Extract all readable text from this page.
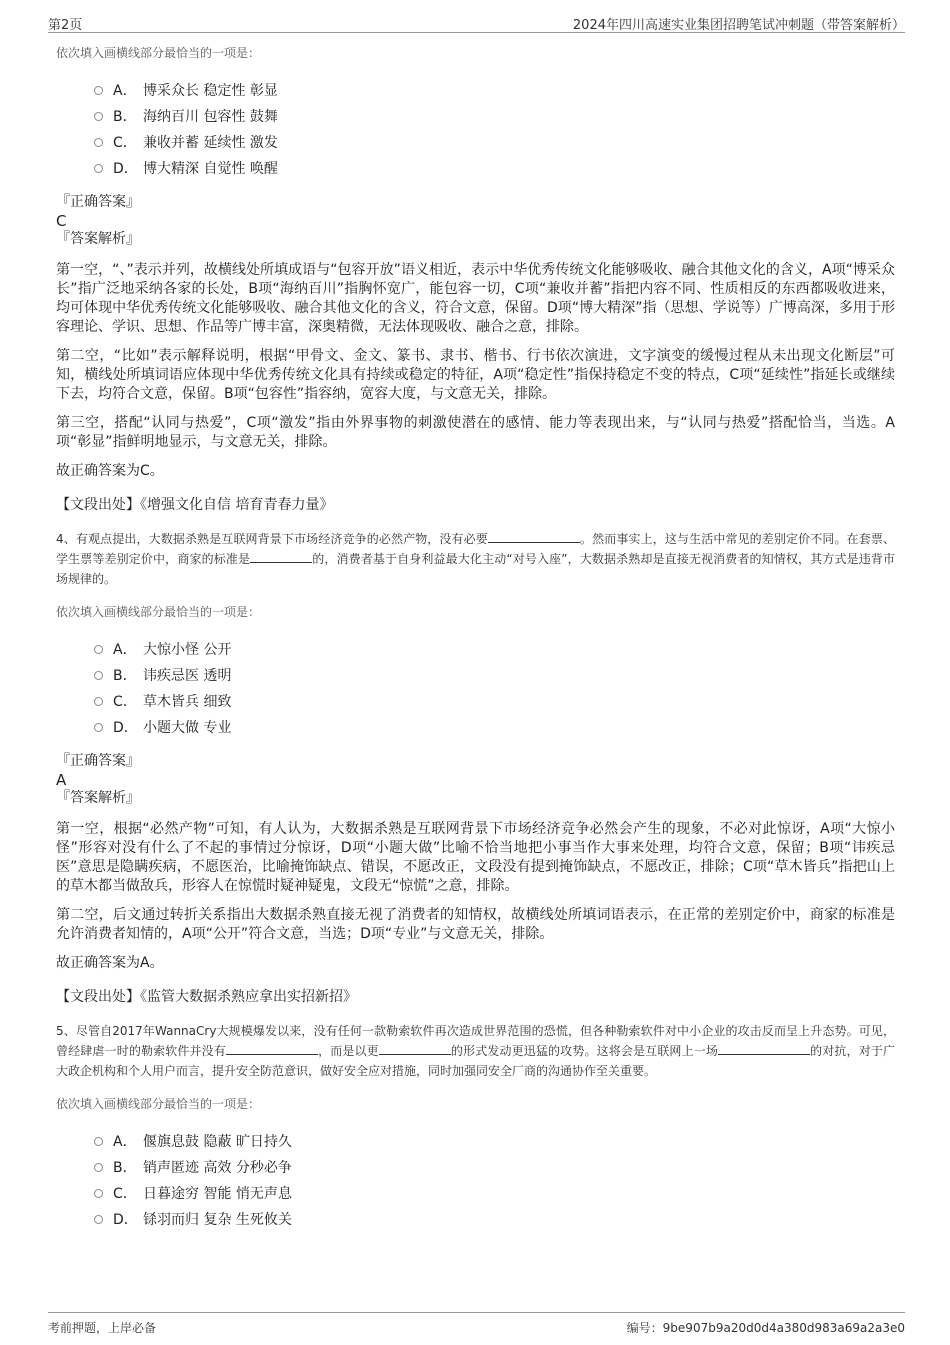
第2页	2024年四川高速实业集团招聘笔试冲刺题（带答案解析）

依次填入画横线部分最恰当的一项是：

A． 博采众长 稳定性 彰显
B． 海纳百川 包容性 鼓舞
C． 兼收并蓄 延续性 激发
D． 博大精深 自觉性 唤醒

『正确答案』

C

『答案解析』

第一空，“、”表示并列，故横线处所填成语与“包容开放”语义相近，表示中华优秀传统文化能够吸收、融合其他文化的含义，A项“博采众长”指广泛地采纳各家的长处，B项“海纳百川”指胸怀宽广，能包容一切，C项“兼收并蓄”指把内容不同、性质相反的东西都吸收进来，均可体现中华优秀传统文化能够吸收、融合其他文化的含义，符合文意，保留。D项“博大精深”指（思想、学说等）广博高深，多用于形容理论、学识、思想、作品等广博丰富，深奥精微，无法体现吸收、融合之意，排除。

第二空，“比如”表示解释说明，根据“甲骨文、金文、篆书、隶书、楷书、行书依次演进，文字演变的缓慢过程从未出现文化断层”可知，横线处所填词语应体现中华优秀传统文化具有持续或稳定的特征，A项“稳定性”指保持稳定不变的特点，C项“延续性”指延长或继续下去，均符合文意，保留。B项“包容性”指容纳，宽容大度，与文意无关，排除。

第三空，搭配“认同与热爱”，C项“激发”指由外界事物的刺激使潜在的感情、能力等表现出来，与“认同与热爱”搭配恰当，当选。A项“彰显”指鲜明地显示，与文意无关，排除。

故正确答案为C。

【文段出处】《增强文化自信 培育青春力量》

4、有观点提出，大数据杀熟是互联网背景下市场经济竞争的必然产物，没有必要	。然而事实上，这与生活中常见的差别定价不同。在套票、学生票等差别定价中，商家的标准是	的，消费者基于自身利益最大化主动“对号入座”，大数据杀熟却是直接无视消费者的知情权，其方式是违背市场规律的。

依次填入画横线部分最恰当的一项是：

A． 大惊小怪 公开
B． 讳疾忌医 透明
C． 草木皆兵 细致
D． 小题大做 专业

『正确答案』

A

『答案解析』

第一空，根据“必然产物”可知，有人认为，大数据杀熟是互联网背景下市场经济竞争必然会产生的现象，不必对此惊讶，A项“大惊小怪”形容对没有什么了不起的事情过分惊讶，D项“小题大做”比喻不恰当地把小事当作大事来处理，均符合文意，保留；B项“讳疾忌医”意思是隐瞒疾病，不愿医治，比喻掩饰缺点、错误，不愿改正，文段没有提到掩饰缺点，不愿改正，排除；C项“草木皆兵”指把山上的草木都当做敌兵，形容人在惊慌时疑神疑鬼，文段无“惊慌”之意，排除。

第二空，后文通过转折关系指出大数据杀熟直接无视了消费者的知情权，故横线处所填词语表示，在正常的差别定价中，商家的标准是允许消费者知情的，A项“公开”符合文意，当选；D项“专业”与文意无关，排除。

故正确答案为A。

【文段出处】《监管大数据杀熟应拿出实招新招》

5、尽管自2017年WannaCry大规模爆发以来，没有任何一款勒索软件再次造成世界范围的恐慌，但各种勒索软件对中小企业的攻击反而呈上升态势。可见，曾经肆虐一时的勒索软件并没有	，而是以更	的形式发动更迅猛的攻势。这将会是互联网上一场	的对抗，对于广大政企机构和个人用户而言，提升安全防范意识，做好安全应对措施，同时加强同安全厂商的沟通协作至关重要。

依次填入画横线部分最恰当的一项是：

A． 偃旗息鼓 隐蔽 旷日持久
B． 销声匿迹 高效 分秒必争
C． 日暮途穷 智能 悄无声息
D． 铩羽而归 复杂 生死攸关
考前押题，上岸必备	编号：9be907b9a20d0d4a380d983a69a2a3e0
